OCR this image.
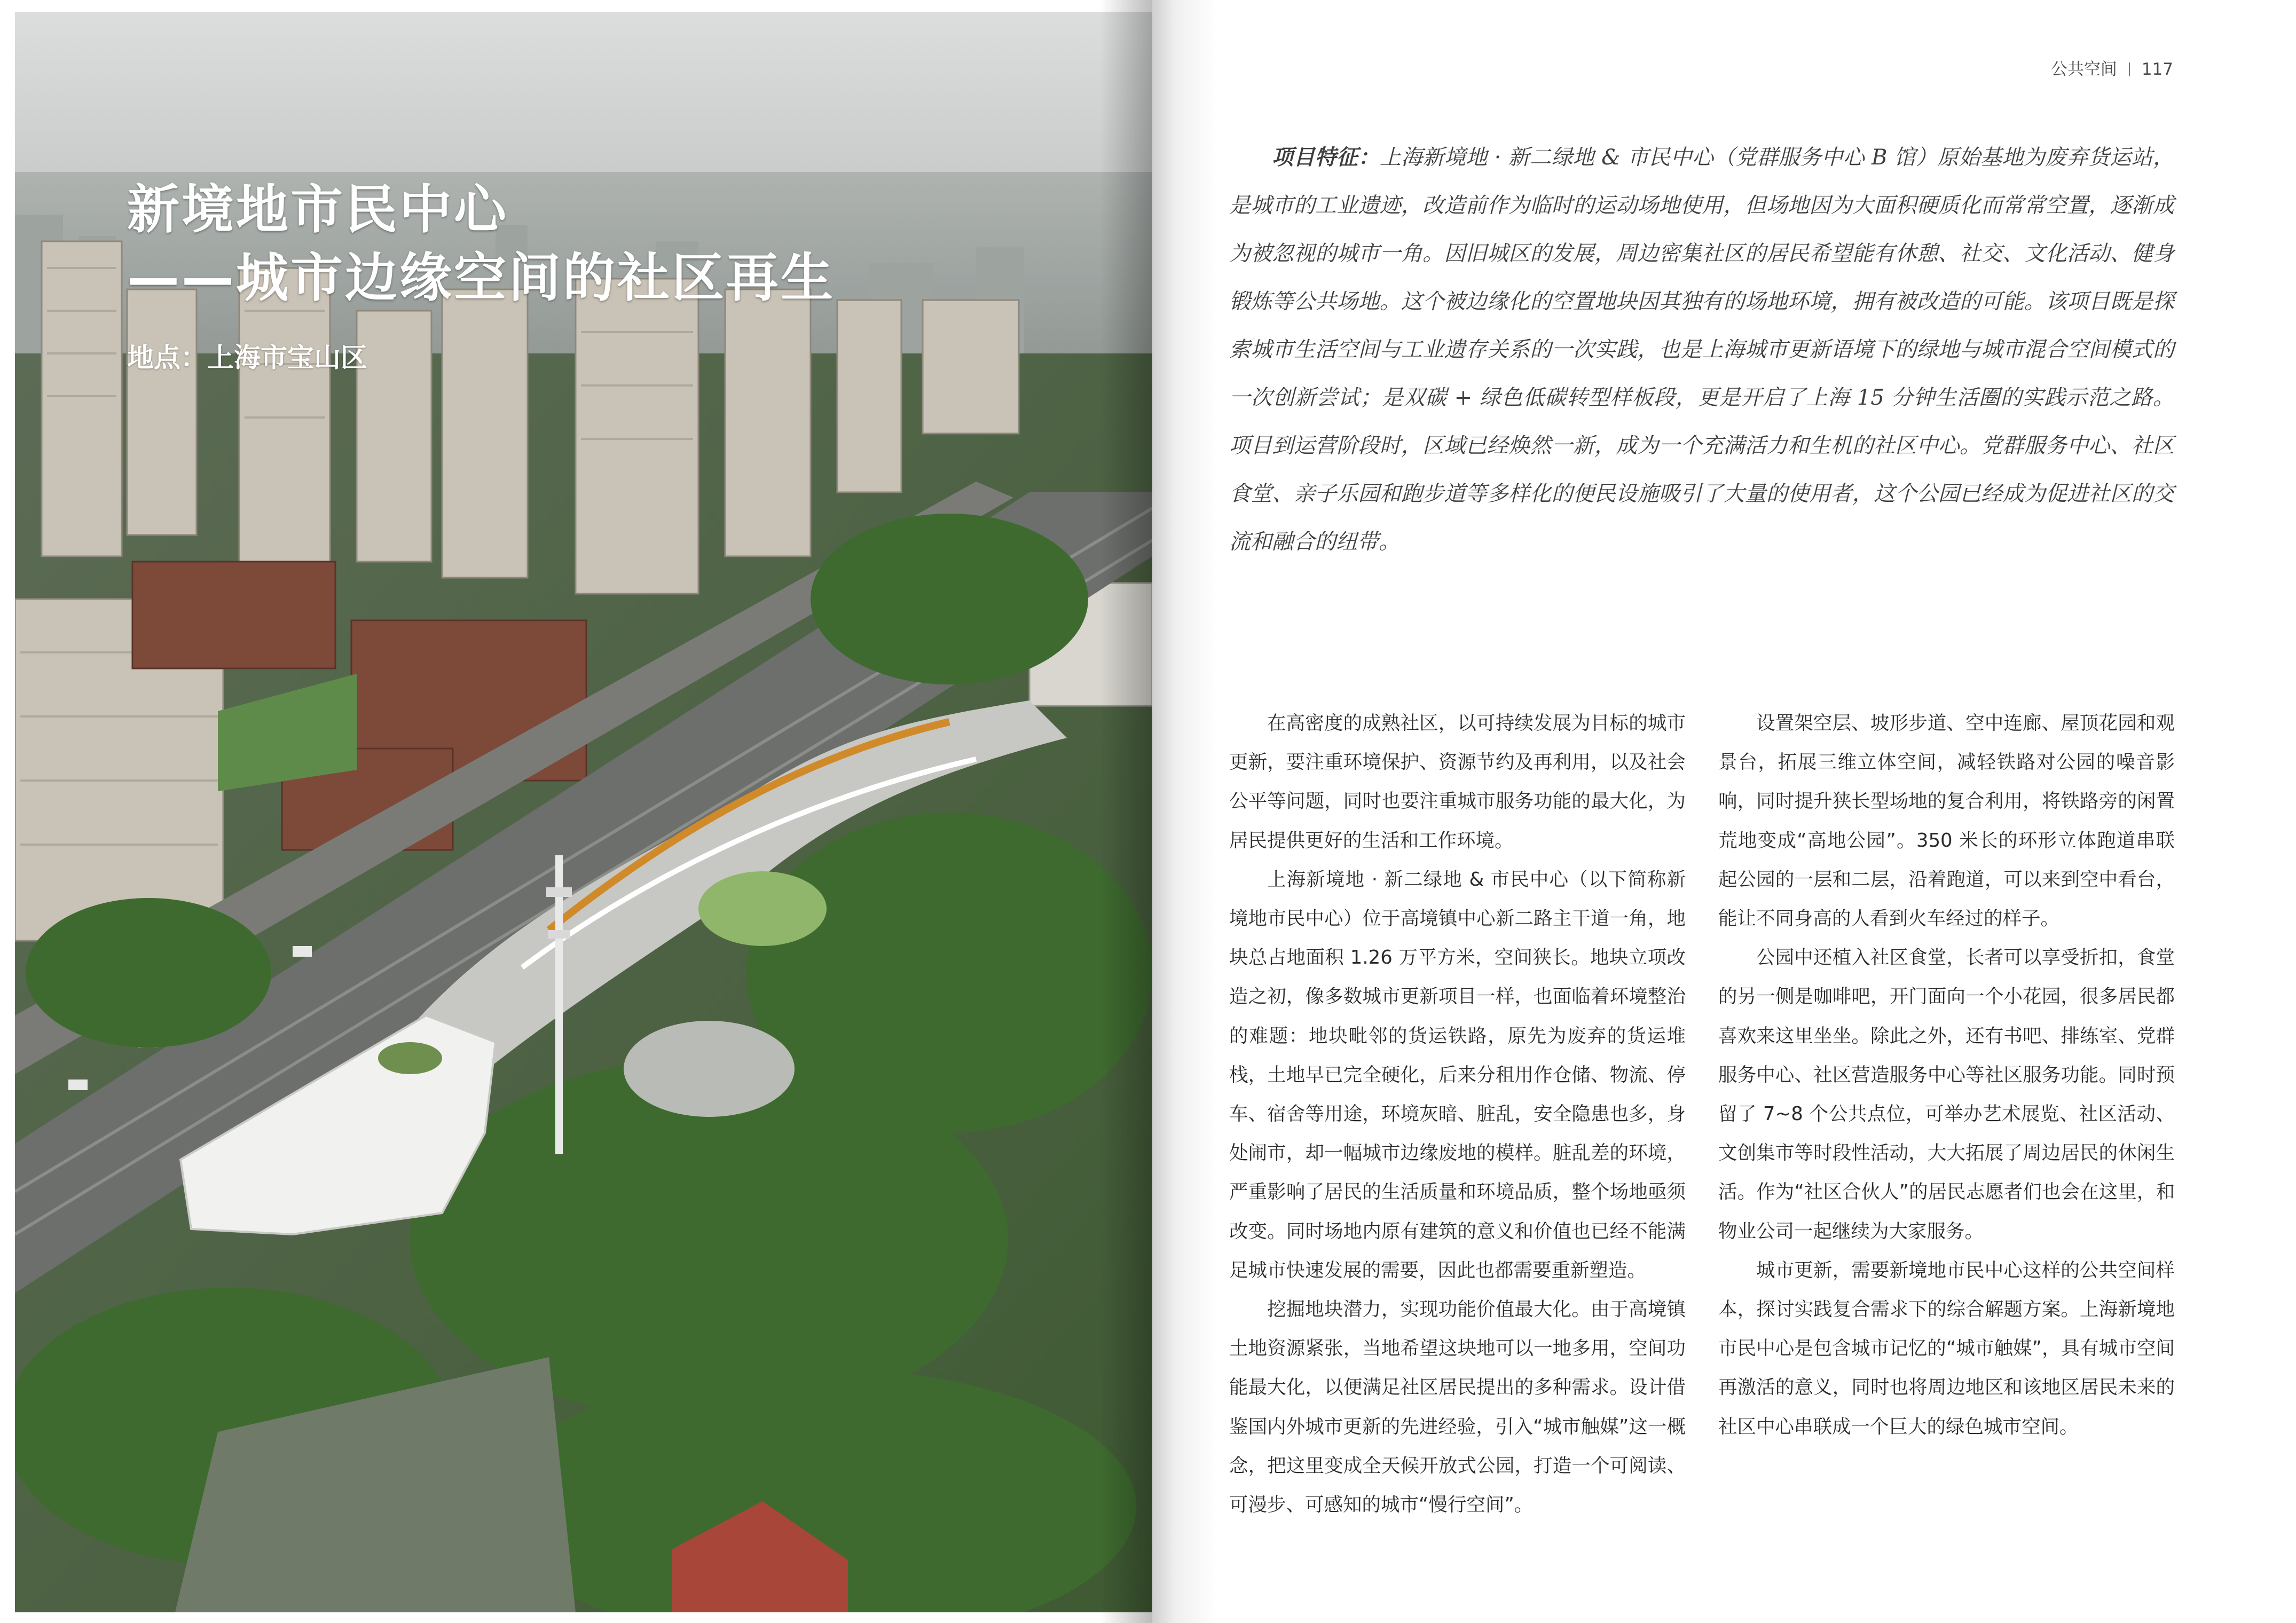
新境地市民中心
——城市边缘空间的社区再生
地点：上海市宝山区
公共空间 117

项目特征：上海新境地 · 新二绿地 & 市民中心（党群服务中心 B 馆）原始基地为废弃货运站，是城市的工业遗迹，改造前作为临时的运动场地使用，但场地因为大面积硬质化而常常空置，逐渐成为被忽视的城市一角。因旧城区的发展，周边密集社区的居民希望能有休憩、社交、文化活动、健身锻炼等公共场地。这个被边缘化的空置地块因其独有的场地环境，拥有被改造的可能。该项目既是探索城市生活空间与工业遗存关系的一次实践，也是上海城市更新语境下的绿地与城市混合空间模式的一次创新尝试；是双碳 + 绿色低碳转型样板段，更是开启了上海 15 分钟生活圈的实践示范之路。项目到运营阶段时，区域已经焕然一新，成为一个充满活力和生机的社区中心。党群服务中心、社区食堂、亲子乐园和跑步道等多样化的便民设施吸引了大量的使用者，这个公园已经成为促进社区的交流和融合的纽带。

在高密度的成熟社区，以可持续发展为目标的城市更新，要注重环境保护、资源节约及再利用，以及社会公平等问题，同时也要注重城市服务功能的最大化，为居民提供更好的生活和工作环境。

上海新境地 · 新二绿地 & 市民中心（以下简称新境地市民中心）位于高境镇中心新二路主干道一角，地块总占地面积 1.26 万平方米，空间狭长。地块立项改造之初，像多数城市更新项目一样，也面临着环境整治的难题：地块毗邻的货运铁路，原先为废弃的货运堆栈，土地早已完全硬化，后来分租用作仓储、物流、停车、宿舍等用途，环境灰暗、脏乱，安全隐患也多，身处闹市，却一幅城市边缘废地的模样。脏乱差的环境，严重影响了居民的生活质量和环境品质，整个场地亟须改变。同时场地内原有建筑的意义和价值也已经不能满足城市快速发展的需要，因此也都需要重新塑造。

挖掘地块潜力，实现功能价值最大化。由于高境镇土地资源紧张，当地希望这块地可以一地多用，空间功能最大化，以便满足社区居民提出的多种需求。设计借鉴国内外城市更新的先进经验，引入“城市触媒”这一概念，把这里变成全天候开放式公园，打造一个可阅读、可漫步、可感知的城市“慢行空间”。

设置架空层、坡形步道、空中连廊、屋顶花园和观景台，拓展三维立体空间，减轻铁路对公园的噪音影响，同时提升狭长型场地的复合利用，将铁路旁的闲置荒地变成“高地公园”。350 米长的环形立体跑道串联起公园的一层和二层，沿着跑道，可以来到空中看台，能让不同身高的人看到火车经过的样子。

公园中还植入社区食堂，长者可以享受折扣，食堂的另一侧是咖啡吧，开门面向一个小花园，很多居民都喜欢来这里坐坐。除此之外，还有书吧、排练室、党群服务中心、社区营造服务中心等社区服务功能。同时预留了 7~8 个公共点位，可举办艺术展览、社区活动、文创集市等时段性活动，大大拓展了周边居民的休闲生活。作为“社区合伙人”的居民志愿者们也会在这里，和物业公司一起继续为大家服务。

城市更新，需要新境地市民中心这样的公共空间样本，探讨实践复合需求下的综合解题方案。上海新境地市民中心是包含城市记忆的“城市触媒”，具有城市空间再激活的意义，同时也将周边地区和该地区居民未来的社区中心串联成一个巨大的绿色城市空间。
